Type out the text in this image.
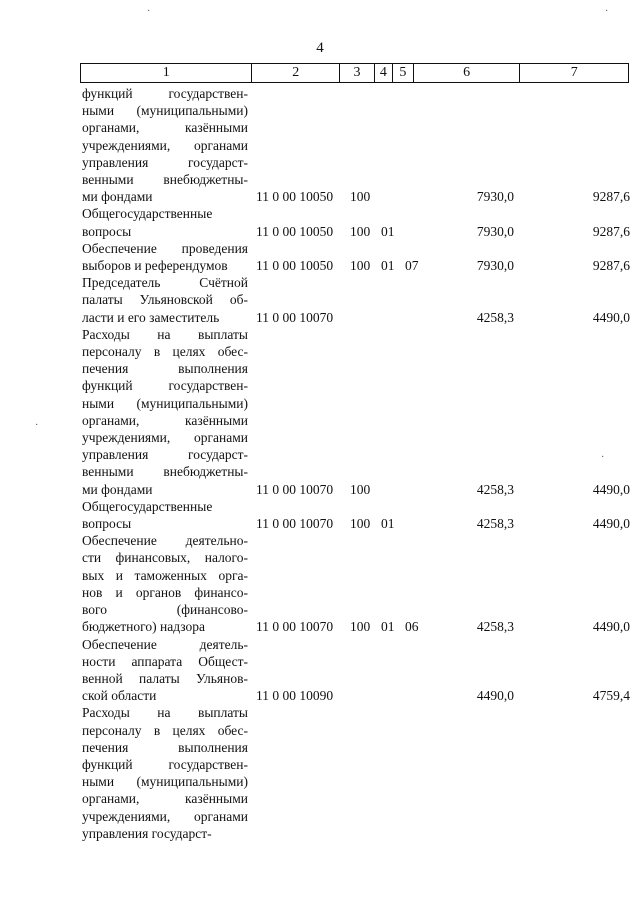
4
1	2	3	4 5	6	7
функций государствен-
ными (муниципальными)
органами, казёнными
учреждениями, органами
управления государст-
венными внебюджетны-
ми фондами	11 0 00 10050 100	7930,0	9287,6
Общегосударственные
вопросы	11 0 00 10050 100 01	7930,0	9287,6
Обеспечение проведения
выборов и референдумов	11 0 00 10050 100 01 07	7930,0	9287,6
Председатель Счётной
палаты Ульяновской об-
ласти и его заместитель	11 0 00 10070	4258,3	4490,0
Расходы на выплаты
персоналу в целях обес-
печения выполнения
функций государствен-
ными (муниципальными)
органами, казёнными
учреждениями, органами
управления государст-
венными внебюджетны-
ми фондами	11 0 00 10070 100	4258,3	4490,0
Общегосударственные
вопросы	11 0 00 10070 100 01	4258,3	4490,0
Обеспечение деятельно-
сти финансовых, налого-
вых и таможенных орга-
нов и органов финансо-
вого (финансово-
бюджетного) надзора	11 0 00 10070 100 01 06	4258,3	4490,0
Обеспечение деятель-
ности аппарата Общест-
венной палаты Ульянов-
ской области	11 0 00 10090	4490,0	4759,4
Расходы на выплаты
персоналу в целях обес-
печения выполнения
функций государствен-
ными (муниципальными)
органами, казёнными
учреждениями, органами
управления государст-
·	·
·
·
